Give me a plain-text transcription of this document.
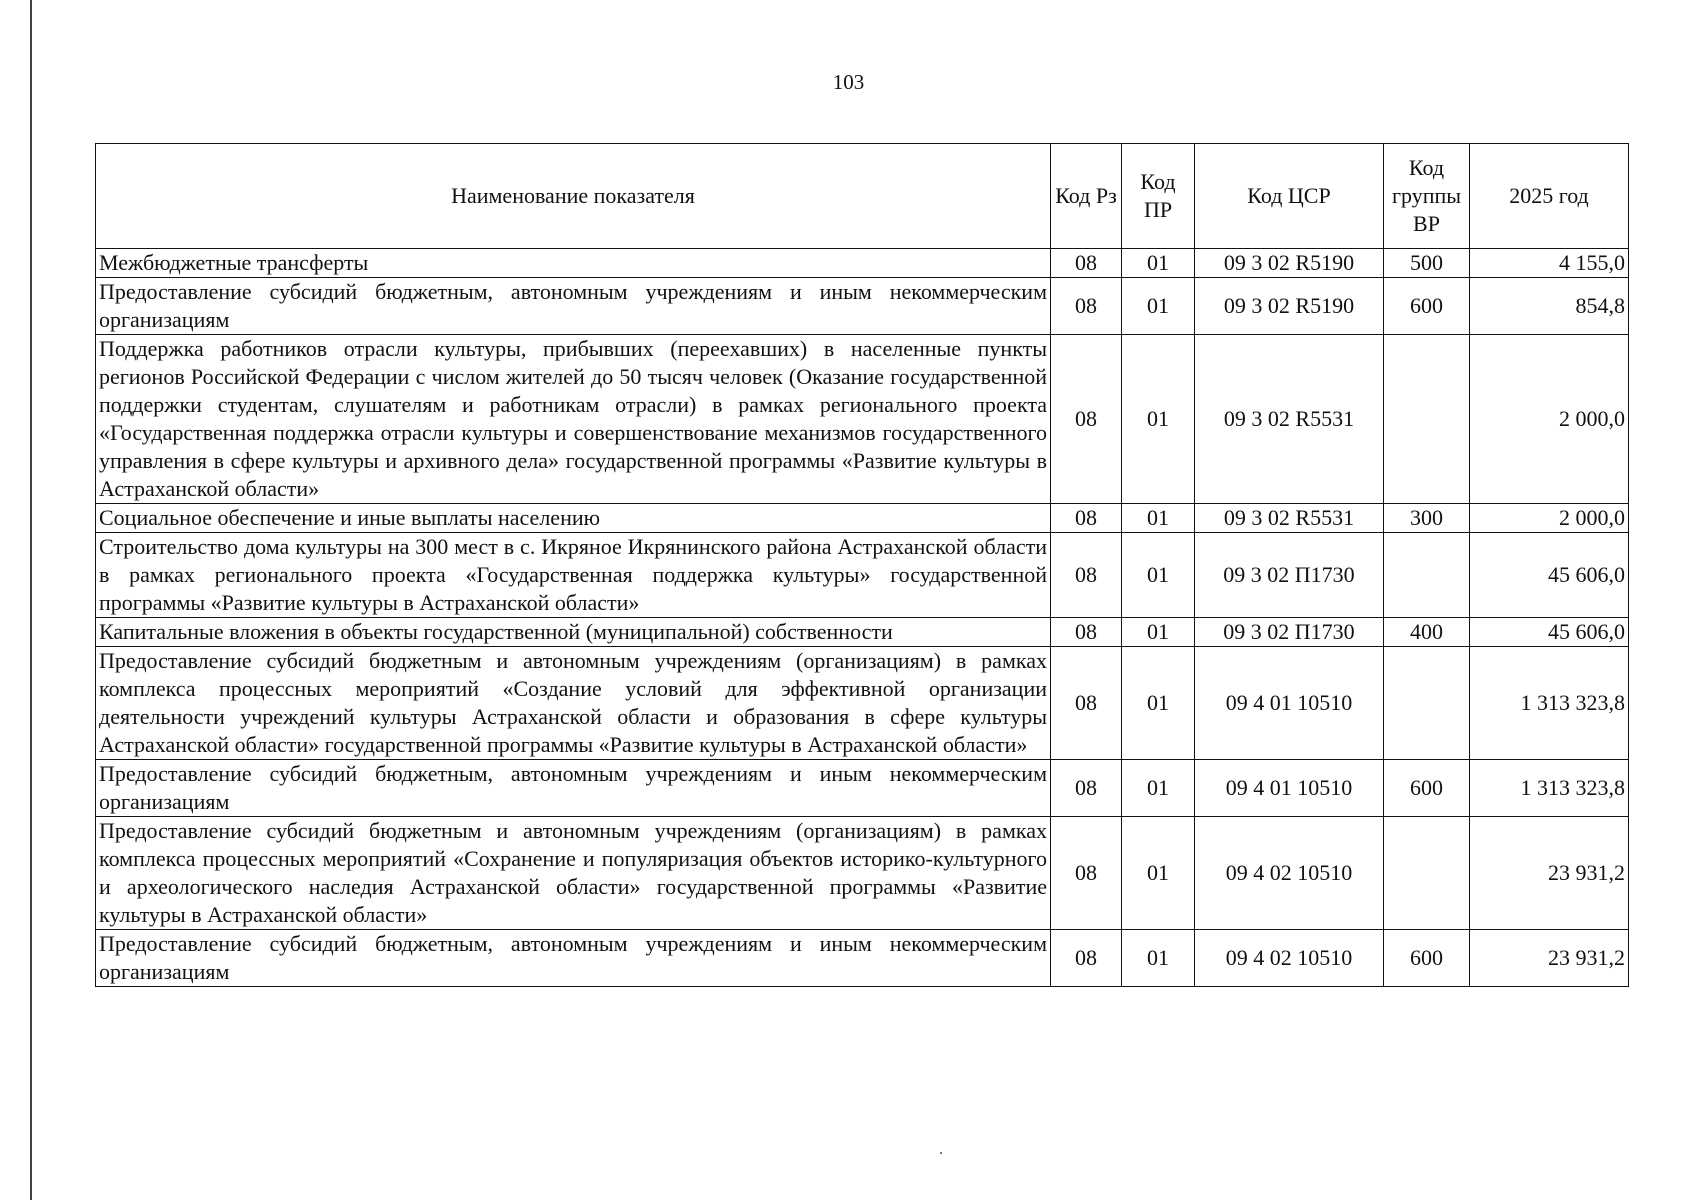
103
Наименование показателя	Код Рз	Код ПР	Код ЦСР	Код группы ВР	2025 год
Межбюджетные трансферты	08	01	09 3 02 R5190	500	4 155,0
Предоставление субсидий бюджетным, автономным учреждениям и иным некоммерческим организациям	08	01	09 3 02 R5190	600	854,8
Поддержка работников отрасли культуры, прибывших (переехавших) в населенные пункты регионов Российской Федерации с числом жителей до 50 тысяч человек (Оказание государственной поддержки студентам, слушателям и работникам отрасли) в рамках регионального проекта «Государственная поддержка отрасли культуры и совершенствование механизмов государственного управления в сфере культуры и архивного дела» государственной программы «Развитие культуры в Астраханской области»	08	01	09 3 02 R5531		2 000,0
Социальное обеспечение и иные выплаты населению	08	01	09 3 02 R5531	300	2 000,0
Строительство дома культуры на 300 мест в с. Икряное Икрянинского района Астраханской области в рамках регионального проекта «Государственная поддержка культуры» государственной программы «Развитие культуры в Астраханской области»	08	01	09 3 02 П1730		45 606,0
Капитальные вложения в объекты государственной (муниципальной) собственности	08	01	09 3 02 П1730	400	45 606,0
Предоставление субсидий бюджетным и автономным учреждениям (организациям) в рамках комплекса процессных мероприятий «Создание условий для эффективной организации деятельности учреждений культуры Астраханской области и образования в сфере культуры Астраханской области» государственной программы «Развитие культуры в Астраханской области»	08	01	09 4 01 10510		1 313 323,8
Предоставление субсидий бюджетным, автономным учреждениям и иным некоммерческим организациям	08	01	09 4 01 10510	600	1 313 323,8
Предоставление субсидий бюджетным и автономным учреждениям (организациям) в рамках комплекса процессных мероприятий «Сохранение и популяризация объектов историко-культурного и археологического наследия Астраханской области» государственной программы «Развитие культуры в Астраханской области»	08	01	09 4 02 10510		23 931,2
Предоставление субсидий бюджетным, автономным учреждениям и иным некоммерческим организациям	08	01	09 4 02 10510	600	23 931,2
